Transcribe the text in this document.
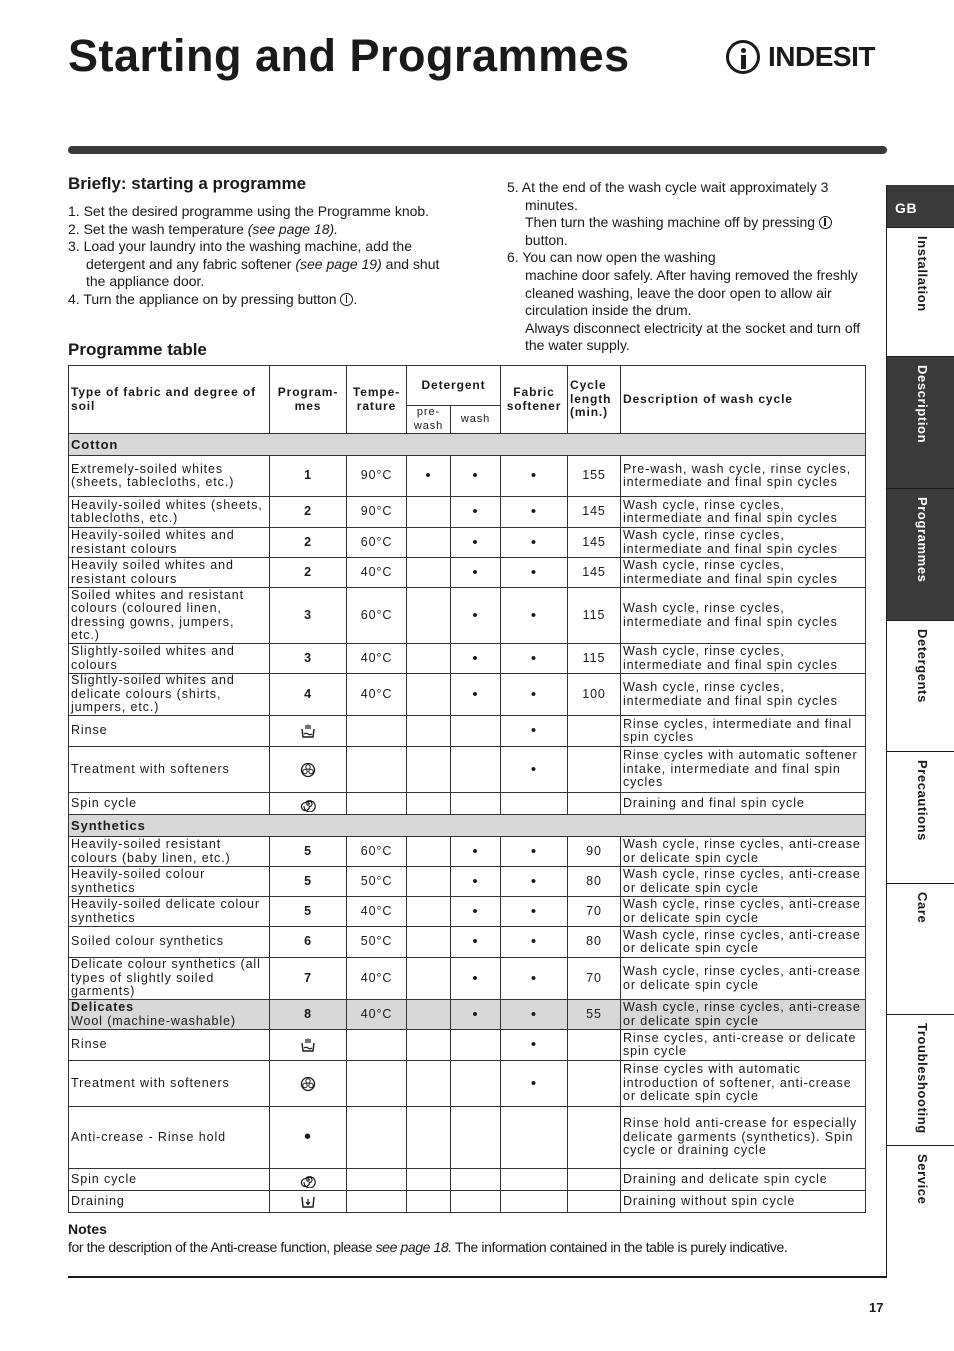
Starting and Programmes	INDESIT
Briefly: starting a programme
1. Set the desired programme using the Programme knob.
2. Set the wash temperature (see page 18).
3. Load your laundry into the washing machine, add the detergent and any fabric softener (see page 19) and shut the appliance door.
4. Turn the appliance on by pressing button .
5. At the end of the wash cycle wait approximately 3 minutes.
Then turn the washing machine off by pressing  button.
6. You can now open the washing
machine door safely. After having removed the freshly cleaned washing, leave the door open to allow air circulation inside the drum.
Always disconnect electricity at the socket and turn off the water supply.
Programme table
Type of fabric and degree of soil	Program-mes	Tempe-rature	Detergent		Fabric softener	Cycle length (min.)	Description of wash cycle
			pre-wash	wash			
Cotton							
Extremely-soiled whites (sheets, tablecloths, etc.)	1	90°C	•	•	•	155	Pre-wash, wash cycle, rinse cycles, intermediate and final spin cycles
Heavily-soiled whites (sheets, tablecloths, etc.)	2	90°C		•	•	145	Wash cycle, rinse cycles, intermediate and final spin cycles
Heavily-soiled whites and resistant colours	2	60°C		•	•	145	Wash cycle, rinse cycles, intermediate and final spin cycles
Heavily soiled whites and resistant colours	2	40°C		•	•	145	Wash cycle, rinse cycles, intermediate and final spin cycles
Soiled whites and resistant colours (coloured linen, dressing gowns, jumpers, etc.)	3	60°C		•	•	115	Wash cycle, rinse cycles, intermediate and final spin cycles
Slightly-soiled whites and colours	3	40°C		•	•	115	Wash cycle, rinse cycles, intermediate and final spin cycles
Slightly-soiled whites and delicate colours (shirts, jumpers, etc.)	4	40°C		•	•	100	Wash cycle, rinse cycles, intermediate and final spin cycles
Rinse					•		Rinse cycles, intermediate and final spin cycles
Treatment with softeners					•		Rinse cycles with automatic softener intake, intermediate and final spin cycles
Spin cycle							Draining and final spin cycle
Synthetics							
Heavily-soiled resistant colours (baby linen, etc.)	5	60°C		•	•	90	Wash cycle, rinse cycles, anti-crease or delicate spin cycle
Heavily-soiled colour synthetics	5	50°C		•	•	80	Wash cycle, rinse cycles, anti-crease or delicate spin cycle
Heavily-soiled delicate colour synthetics	5	40°C		•	•	70	Wash cycle, rinse cycles, anti-crease or delicate spin cycle
Soiled colour synthetics	6	50°C		•	•	80	Wash cycle, rinse cycles, anti-crease or delicate spin cycle
Delicate colour synthetics (all types of slightly soiled garments)	7	40°C		•	•	70	Wash cycle, rinse cycles, anti-crease or delicate spin cycle
Delicates
Wool (machine-washable)	8	40°C		•	•	55	Wash cycle, rinse cycles, anti-crease or delicate spin cycle
Rinse					•		Rinse cycles, anti-crease or delicate spin cycle
Treatment with softeners					•		Rinse cycles with automatic introduction of softener, anti-crease or delicate spin cycle
Anti-crease - Rinse hold	•						Rinse hold anti-crease for especially delicate garments (synthetics). Spin cycle or draining cycle
Spin cycle							Draining and delicate spin cycle
Draining							Draining without spin cycle
Notes
for the description of the Anti-crease function, please see page 18. The information contained in the table is purely indicative.
17
GB
Installation
Description
Programmes
Detergents
Precautions
Care
Troubleshooting
Service
